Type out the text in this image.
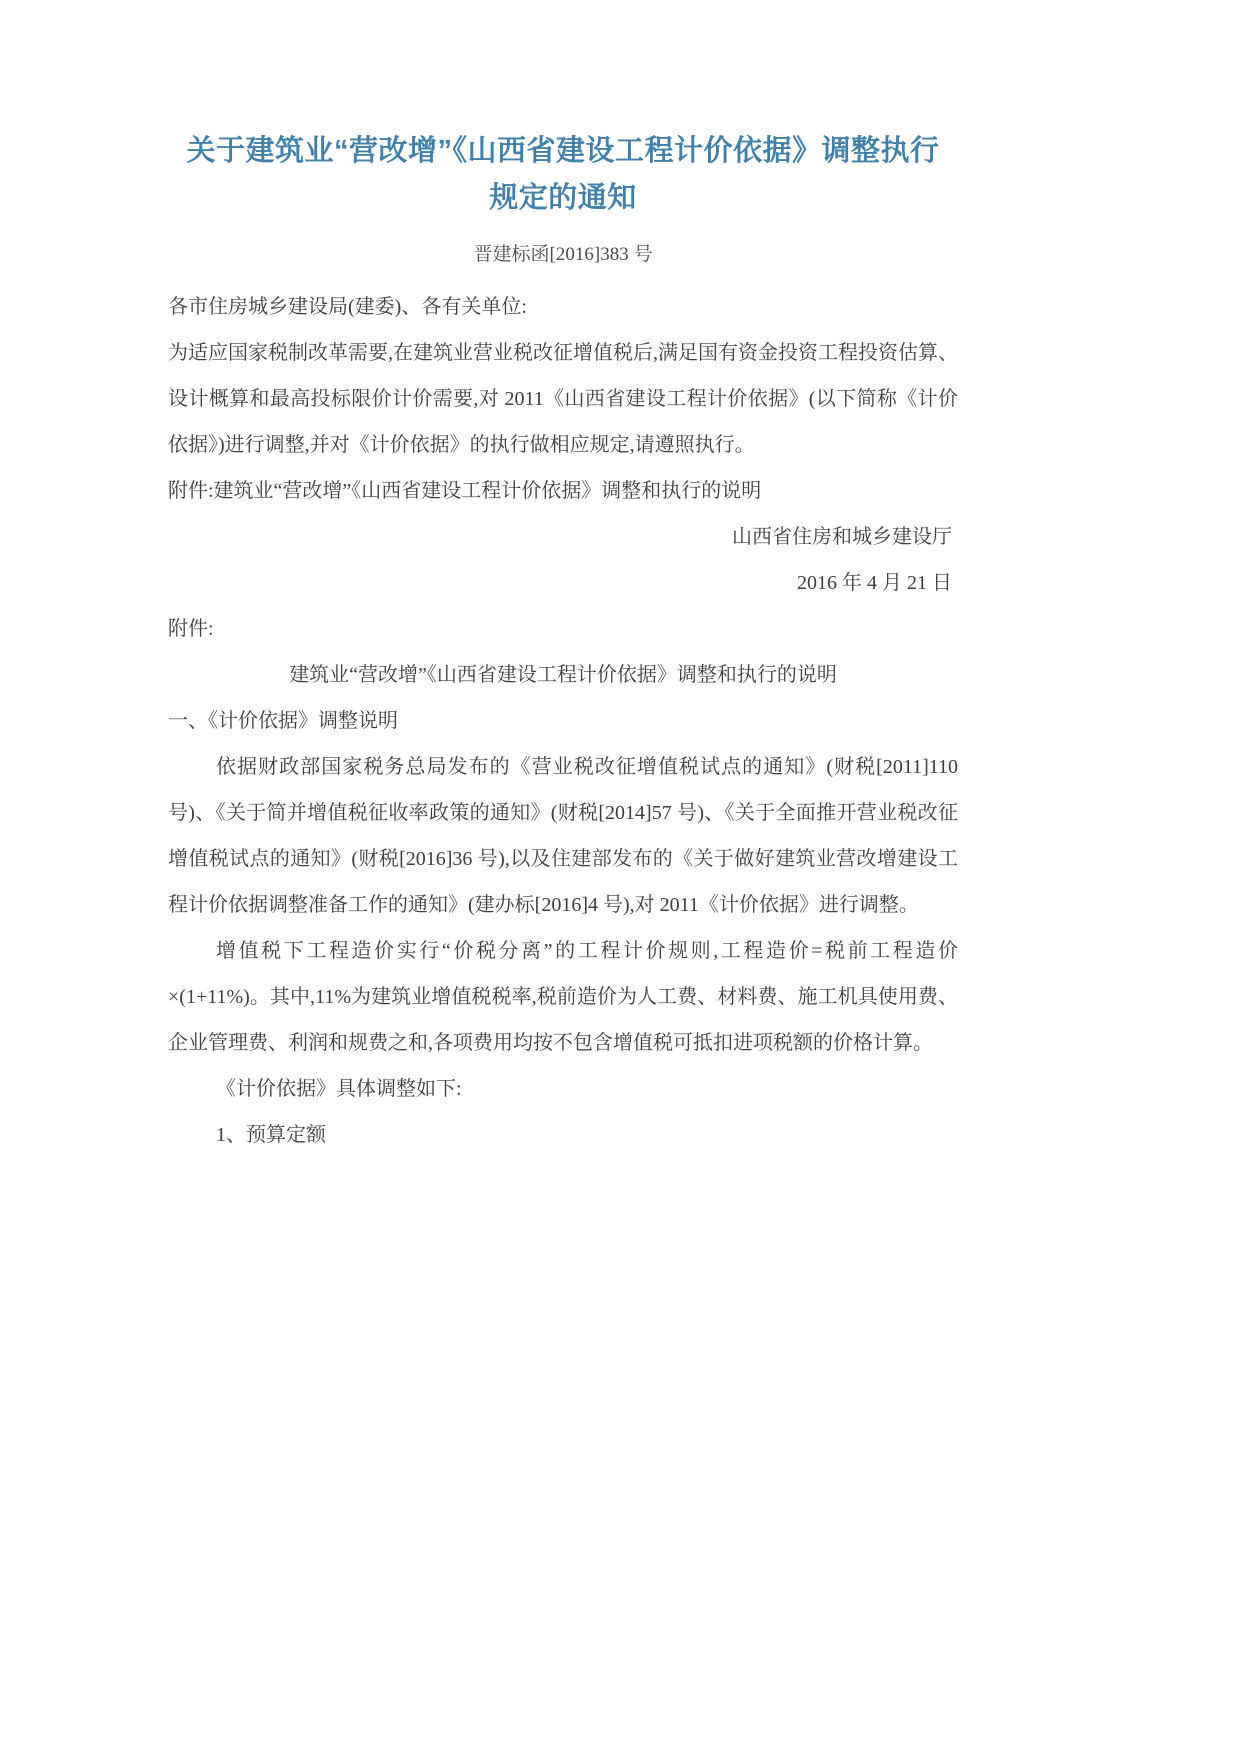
关于建筑业“营改增”《山西省建设工程计价依据》调整执行规定的通知
晋建标函[2016]383 号

各市住房城乡建设局(建委)、各有关单位:

为适应国家税制改革需要,在建筑业营业税改征增值税后,满足国有资金投资工程投资估算、设计概算和最高投标限价计价需要,对 2011《山西省建设工程计价依据》(以下简称《计价依据》)进行调整,并对《计价依据》的执行做相应规定,请遵照执行。

附件:建筑业“营改增”《山西省建设工程计价依据》调整和执行的说明

山西省住房和城乡建设厅

2016 年 4 月 21 日

附件:

建筑业“营改增”《山西省建设工程计价依据》调整和执行的说明

一、《计价依据》调整说明

依据财政部国家税务总局发布的《营业税改征增值税试点的通知》(财税[2011]110 号)、《关于简并增值税征收率政策的通知》(财税[2014]57 号)、《关于全面推开营业税改征增值税试点的通知》(财税[2016]36 号),以及住建部发布的《关于做好建筑业营改增建设工程计价依据调整准备工作的通知》(建办标[2016]4 号),对 2011《计价依据》进行调整。

增值税下工程造价实行“价税分离”的工程计价规则,工程造价=税前工程造价×(1+11%)。其中,11%为建筑业增值税税率,税前造价为人工费、材料费、施工机具使用费、企业管理费、利润和规费之和,各项费用均按不包含增值税可抵扣进项税额的价格计算。

《计价依据》具体调整如下:

1、预算定额
